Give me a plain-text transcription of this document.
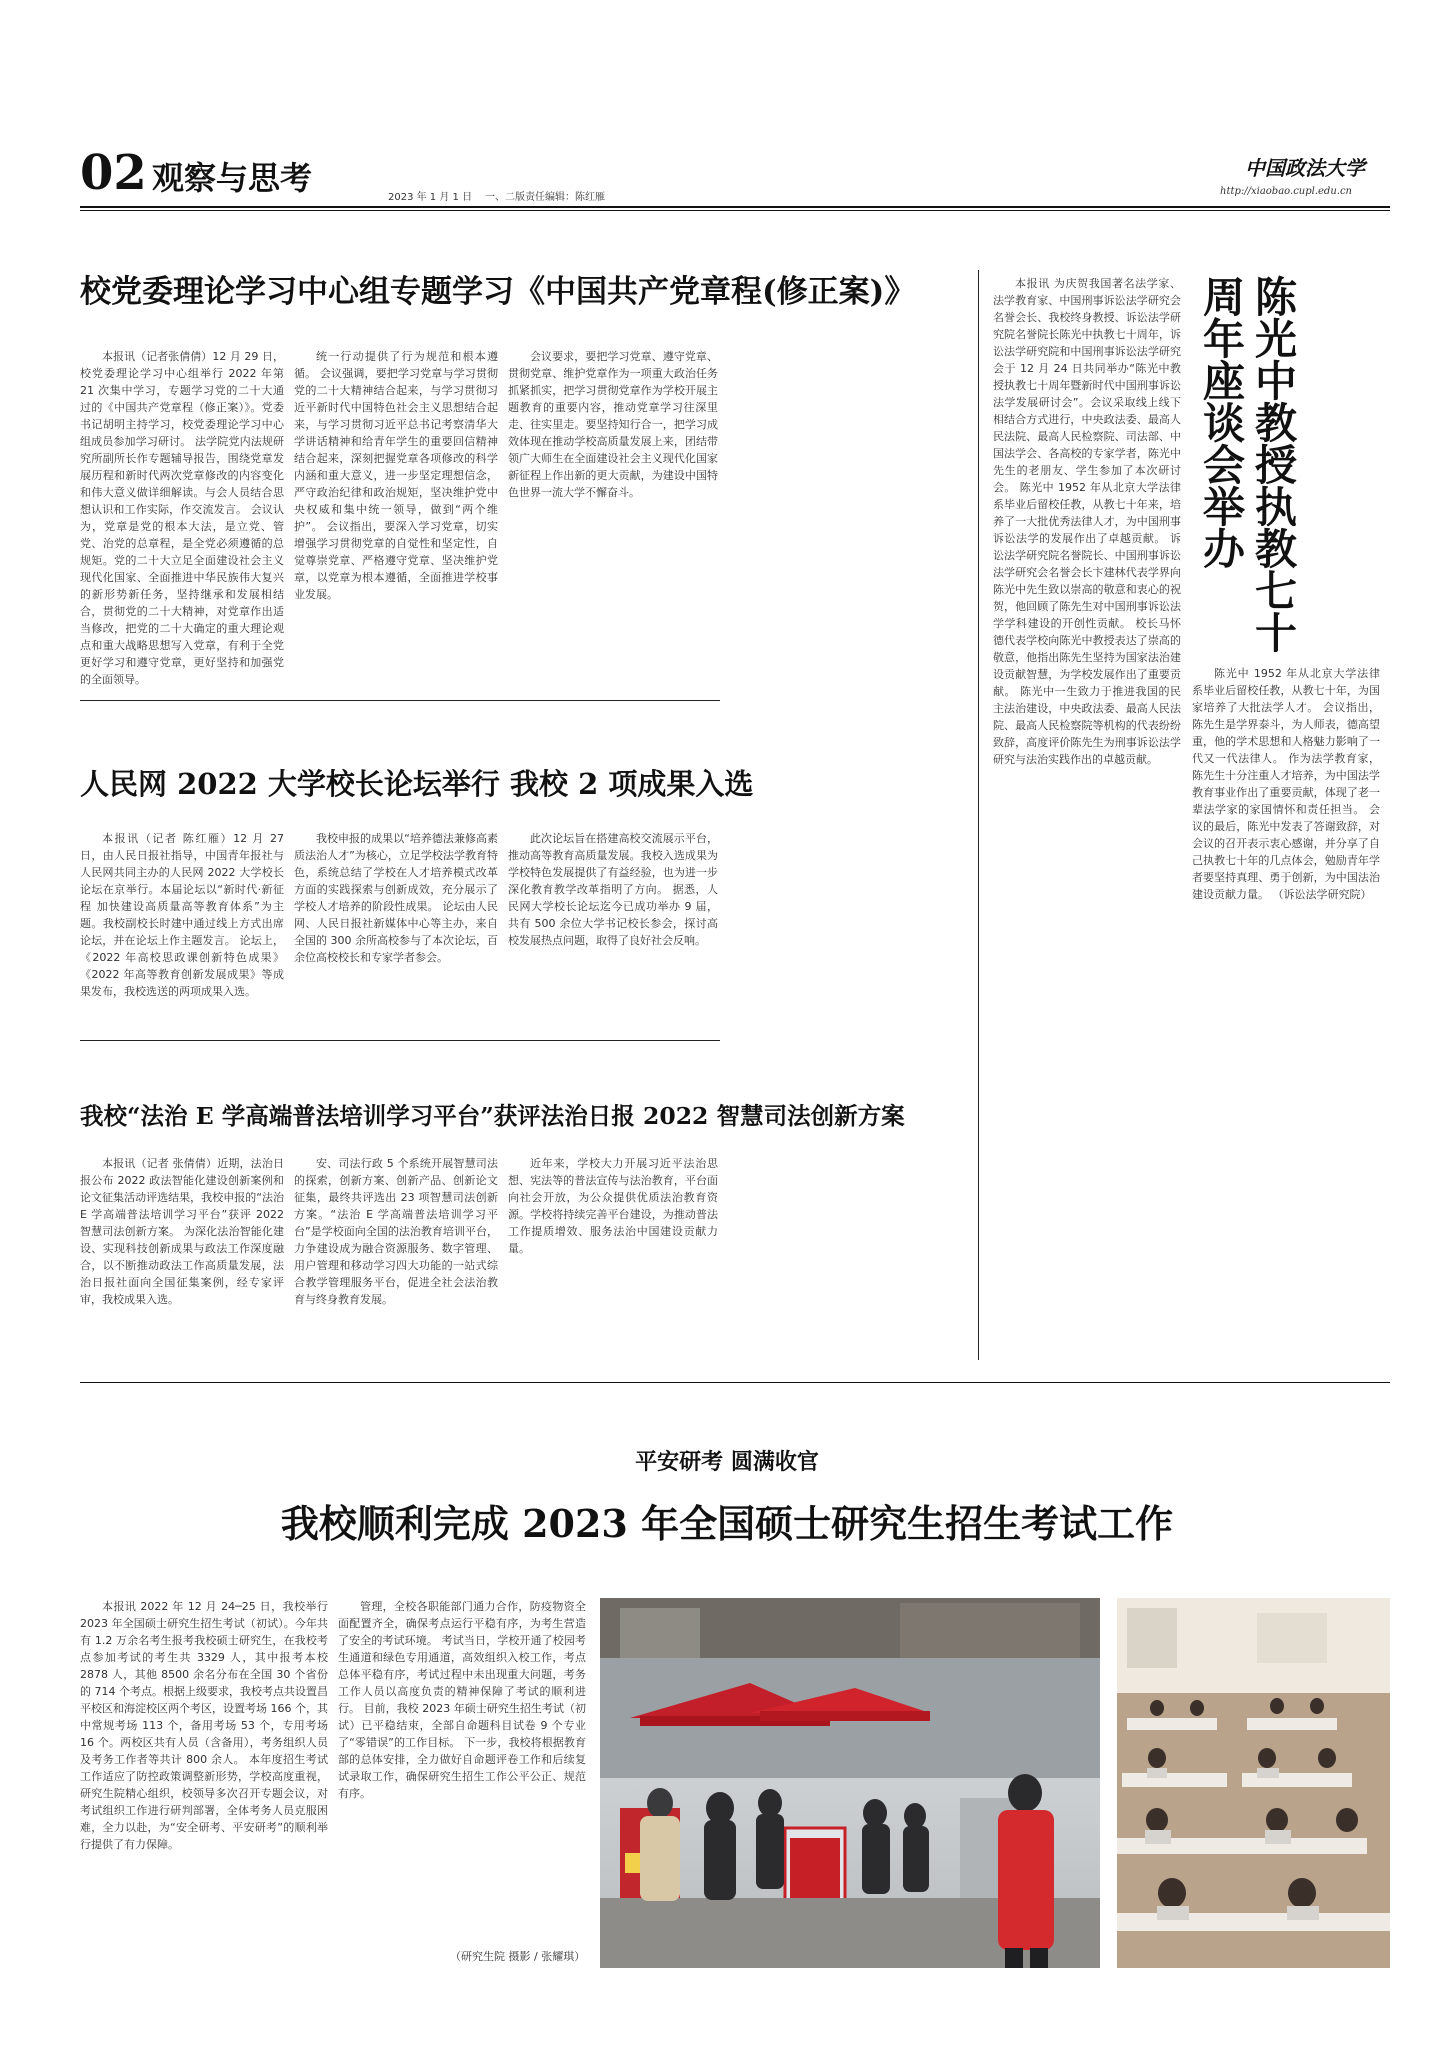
02 观察与思考
2023 年 1 月 1 日 一、二版责任编辑：陈红雁
中国政法大学
http://xiaobao.cupl.edu.cn
校党委理论学习中心组专题学习《中国共产党章程(修正案)》

本报讯（记者张倩倩）12 月 29 日，校党委理论学习中心组举行 2022 年第 21 次集中学习，专题学习党的二十大通过的《中国共产党章程（修正案）》。党委书记胡明主持学习，校党委理论学习中心组成员参加学习研讨。 法学院党内法规研究所副所长作专题辅导报告，围绕党章发展历程和新时代两次党章修改的内容变化和伟大意义做详细解读。与会人员结合思想认识和工作实际，作交流发言。 会议认为，党章是党的根本大法，是立党、管党、治党的总章程，是全党必须遵循的总规矩。党的二十大立足全面建设社会主义现代化国家、全面推进中华民族伟大复兴的新形势新任务，坚持继承和发展相结合，贯彻党的二十大精神，对党章作出适当修改，把党的二十大确定的重大理论观点和重大战略思想写入党章，有利于全党更好学习和遵守党章，更好坚持和加强党的全面领导。

统一行动提供了行为规范和根本遵循。 会议强调，要把学习党章与学习贯彻党的二十大精神结合起来，与学习贯彻习近平新时代中国特色社会主义思想结合起来，与学习贯彻习近平总书记考察清华大学讲话精神和给青年学生的重要回信精神结合起来，深刻把握党章各项修改的科学内涵和重大意义，进一步坚定理想信念，严守政治纪律和政治规矩，坚决维护党中央权威和集中统一领导，做到“两个维护”。 会议指出，要深入学习党章，切实增强学习贯彻党章的自觉性和坚定性，自觉尊崇党章、严格遵守党章、坚决维护党章，以党章为根本遵循，全面推进学校事业发展。

会议要求，要把学习党章、遵守党章、贯彻党章、维护党章作为一项重大政治任务抓紧抓实，把学习贯彻党章作为学校开展主题教育的重要内容，推动党章学习往深里走、往实里走。要坚持知行合一，把学习成效体现在推动学校高质量发展上来，团结带领广大师生在全面建设社会主义现代化国家新征程上作出新的更大贡献，为建设中国特色世界一流大学不懈奋斗。

人民网 2022 大学校长论坛举行 我校 2 项成果入选

本报讯（记者 陈红雁）12 月 27 日，由人民日报社指导，中国青年报社与人民网共同主办的人民网 2022 大学校长论坛在京举行。本届论坛以“新时代·新征程 加快建设高质量高等教育体系”为主题。我校副校长时建中通过线上方式出席论坛，并在论坛上作主题发言。 论坛上，《2022 年高校思政课创新特色成果》《2022 年高等教育创新发展成果》等成果发布，我校选送的两项成果入选。

我校申报的成果以“培养德法兼修高素质法治人才”为核心，立足学校法学教育特色，系统总结了学校在人才培养模式改革方面的实践探索与创新成效，充分展示了学校人才培养的阶段性成果。 论坛由人民网、人民日报社新媒体中心等主办，来自全国的 300 余所高校参与了本次论坛，百余位高校校长和专家学者参会。

此次论坛旨在搭建高校交流展示平台，推动高等教育高质量发展。我校入选成果为学校特色发展提供了有益经验，也为进一步深化教育教学改革指明了方向。 据悉，人民网大学校长论坛迄今已成功举办 9 届，共有 500 余位大学书记校长参会，探讨高校发展热点问题，取得了良好社会反响。

我校“法治 E 学高端普法培训学习平台”获评法治日报 2022 智慧司法创新方案

本报讯（记者 张倩倩）近期，法治日报公布 2022 政法智能化建设创新案例和论文征集活动评选结果，我校申报的“法治 E 学高端普法培训学习平台”获评 2022 智慧司法创新方案。 为深化法治智能化建设、实现科技创新成果与政法工作深度融合，以不断推动政法工作高质量发展，法治日报社面向全国征集案例，经专家评审，我校成果入选。

安、司法行政 5 个系统开展智慧司法的探索，创新方案、创新产品、创新论文征集，最终共评选出 23 项智慧司法创新方案。“法治 E 学高端普法培训学习平台”是学校面向全国的法治教育培训平台，力争建设成为融合资源服务、数字管理、用户管理和移动学习四大功能的一站式综合教学管理服务平台，促进全社会法治教育与终身教育发展。

近年来，学校大力开展习近平法治思想、宪法等的普法宣传与法治教育，平台面向社会开放，为公众提供优质法治教育资源。学校将持续完善平台建设，为推动普法工作提质增效、服务法治中国建设贡献力量。

本报讯 为庆贺我国著名法学家、法学教育家、中国刑事诉讼法学研究会名誉会长、我校终身教授、诉讼法学研究院名誉院长陈光中执教七十周年，诉讼法学研究院和中国刑事诉讼法学研究会于 12 月 24 日共同举办“陈光中教授执教七十周年暨新时代中国刑事诉讼法学发展研讨会”。会议采取线上线下相结合方式进行，中央政法委、最高人民法院、最高人民检察院、司法部、中国法学会、各高校的专家学者，陈光中先生的老朋友、学生参加了本次研讨会。 陈光中 1952 年从北京大学法律系毕业后留校任教，从教七十年来，培养了一大批优秀法律人才，为中国刑事诉讼法学的发展作出了卓越贡献。 诉讼法学研究院名誉院长、中国刑事诉讼法学研究会名誉会长卞建林代表学界向陈光中先生致以崇高的敬意和衷心的祝贺，他回顾了陈先生对中国刑事诉讼法学学科建设的开创性贡献。 校长马怀德代表学校向陈光中教授表达了崇高的敬意，他指出陈先生坚持为国家法治建设贡献智慧，为学校发展作出了重要贡献。 陈光中一生致力于推进我国的民主法治建设，中央政法委、最高人民法院、最高人民检察院等机构的代表纷纷致辞，高度评价陈先生为刑事诉讼法学研究与法治实践作出的卓越贡献。

陈光中 1952 年从北京大学法律系毕业后留校任教，从教七十年，为国家培养了大批法学人才。 会议指出，陈先生是学界泰斗，为人师表，德高望重，他的学术思想和人格魅力影响了一代又一代法律人。 作为法学教育家，陈先生十分注重人才培养，为中国法学教育事业作出了重要贡献，体现了老一辈法学家的家国情怀和责任担当。 会议的最后，陈光中发表了答谢致辞，对会议的召开表示衷心感谢，并分享了自己执教七十年的几点体会，勉励青年学者要坚持真理、勇于创新，为中国法治建设贡献力量。 （诉讼法学研究院）

陈光中教授执教七十周年座谈会举办
平安研考 圆满收官
我校顺利完成 2023 年全国硕士研究生招生考试工作

本报讯 2022 年 12 月 24─25 日，我校举行 2023 年全国硕士研究生招生考试（初试）。今年共有 1.2 万余名考生报考我校硕士研究生，在我校考点参加考试的考生共 3329 人，其中报考本校 2878 人，其他 8500 余名分布在全国 30 个省份的 714 个考点。根据上级要求，我校考点共设置昌平校区和海淀校区两个考区，设置考场 166 个，其中常规考场 113 个，备用考场 53 个，专用考场 16 个。两校区共有人员（含备用），考务组织人员及考务工作者等共计 800 余人。 本年度招生考试工作适应了防控政策调整新形势，学校高度重视，研究生院精心组织，校领导多次召开专题会议，对考试组织工作进行研判部署，全体考务人员克服困难，全力以赴，为“安全研考、平安研考”的顺利举行提供了有力保障。

管理，全校各职能部门通力合作，防疫物资全面配置齐全，确保考点运行平稳有序，为考生营造了安全的考试环境。 考试当日，学校开通了校园考生通道和绿色专用通道，高效组织入校工作，考点总体平稳有序，考试过程中未出现重大问题，考务工作人员以高度负责的精神保障了考试的顺利进行。 目前，我校 2023 年硕士研究生招生考试（初试）已平稳结束，全部自命题科目试卷 9 个专业了“零错误”的工作目标。 下一步，我校将根据教育部的总体安排，全力做好自命题评卷工作和后续复试录取工作，确保研究生招生工作公平公正、规范有序。

（研究生院 摄影 / 张耀琪）
